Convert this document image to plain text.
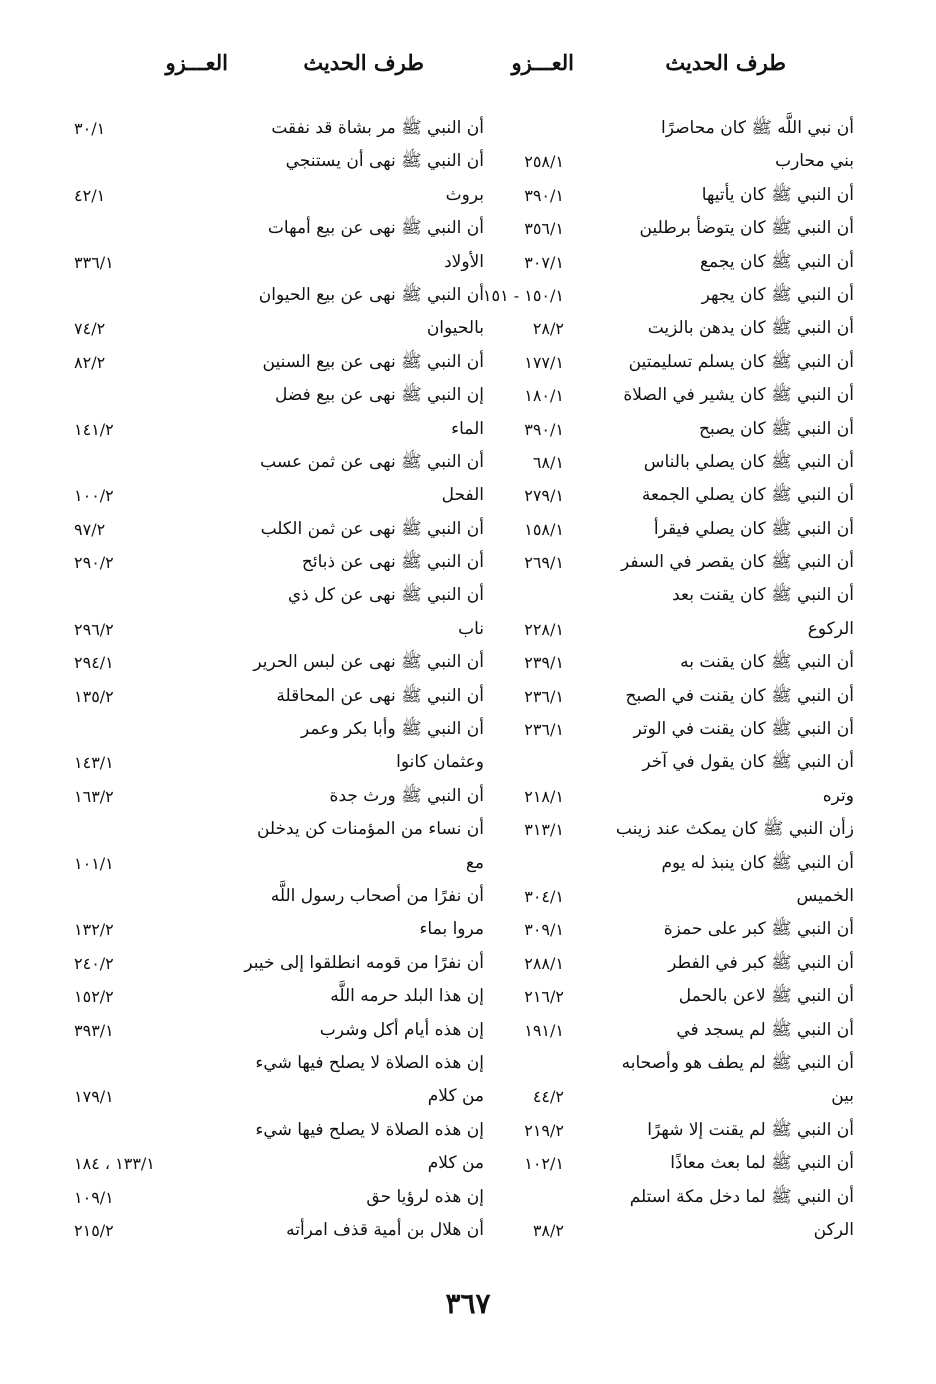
طرف الحديث
العـــزو
طرف الحديث
العـــزو
أن نبي اللَّه ﷺ كان محاصرًا
بني محارب
٢٥٨/١
أن النبي ﷺ كان يأتيها
٣٩٠/١
أن النبي ﷺ كان يتوضأ برطلين
٣٥٦/١
أن النبي ﷺ كان يجمع
٣٠٧/١
أن النبي ﷺ كان يجهر
١٥٠/١ - ١٥١
أن النبي ﷺ كان يدهن بالزيت
٢٨/٢
أن النبي ﷺ كان يسلم تسليمتين
١٧٧/١
أن النبي ﷺ كان يشير في الصلاة
١٨٠/١
أن النبي ﷺ كان يصبح
٣٩٠/١
أن النبي ﷺ كان يصلي بالناس
٦٨/١
أن النبي ﷺ كان يصلي الجمعة
٢٧٩/١
أن النبي ﷺ كان يصلي فيقرأ
١٥٨/١
أن النبي ﷺ كان يقصر في السفر
٢٦٩/١
أن النبي ﷺ كان يقنت بعد
الركوع
٢٢٨/١
أن النبي ﷺ كان يقنت به
٢٣٩/١
أن النبي ﷺ كان يقنت في الصبح
٢٣٦/١
أن النبي ﷺ كان يقنت في الوتر
٢٣٦/١
أن النبي ﷺ كان يقول في آخر
وتره
٢١٨/١
زأن النبي ﷺ كان يمكث عند زينب
٣١٣/١
أن النبي ﷺ كان ينبذ له يوم
الخميس
٣٠٤/١
أن النبي ﷺ كبر على حمزة
٣٠٩/١
أن النبي ﷺ كبر في الفطر
٢٨٨/١
أن النبي ﷺ لاعن بالحمل
٢١٦/٢
أن النبي ﷺ لم يسجد في
١٩١/١
أن النبي ﷺ لم يطف هو وأصحابه
بين
٤٤/٢
أن النبي ﷺ لم يقنت إلا شهرًا
٢١٩/٢
أن النبي ﷺ لما بعث معاذًا
١٠٢/١
أن النبي ﷺ لما دخل مكة استلم
الركن
٣٨/٢
أن النبي ﷺ مر بشاة قد نفقت
٣٠/١
أن النبي ﷺ نهى أن يستنجي
بروث
٤٢/١
أن النبي ﷺ نهى عن بيع أمهات
الأولاد
٣٣٦/١
أن النبي ﷺ نهى عن بيع الحيوان
بالحيوان
٧٤/٢
أن النبي ﷺ نهى عن بيع السنين
٨٢/٢
إن النبي ﷺ نهى عن بيع فضل
الماء
١٤١/٢
أن النبي ﷺ نهى عن ثمن عسب
الفحل
١٠٠/٢
أن النبي ﷺ نهى عن ثمن الكلب
٩٧/٢
أن النبي ﷺ نهى عن ذبائح
٢٩٠/٢
أن النبي ﷺ نهى عن كل ذي
ناب
٢٩٦/٢
أن النبي ﷺ نهى عن لبس الحرير
٢٩٤/١
أن النبي ﷺ نهى عن المحاقلة
١٣٥/٢
أن النبي ﷺ وأبا بكر وعمر
وعثمان كانوا
١٤٣/١
أن النبي ﷺ ورث جدة
١٦٣/٢
أن نساء من المؤمنات كن يدخلن
مع
١٠١/١
أن نفرًا من أصحاب رسول اللَّه
مروا بماء
١٣٢/٢
أن نفرًا من قومه انطلقوا إلى خيبر
٢٤٠/٢
إن هذا البلد حرمه اللَّه
١٥٢/٢
إن هذه أيام أكل وشرب
٣٩٣/١
إن هذه الصلاة لا يصلح فيها شيء
من كلام
١٧٩/١
إن هذه الصلاة لا يصلح فيها شيء
من كلام
١٣٣/١ ، ١٨٤
إن هذه لرؤيا حق
١٠٩/١
أن هلال بن أمية قذف امرأته
٢١٥/٢
٣٦٧
